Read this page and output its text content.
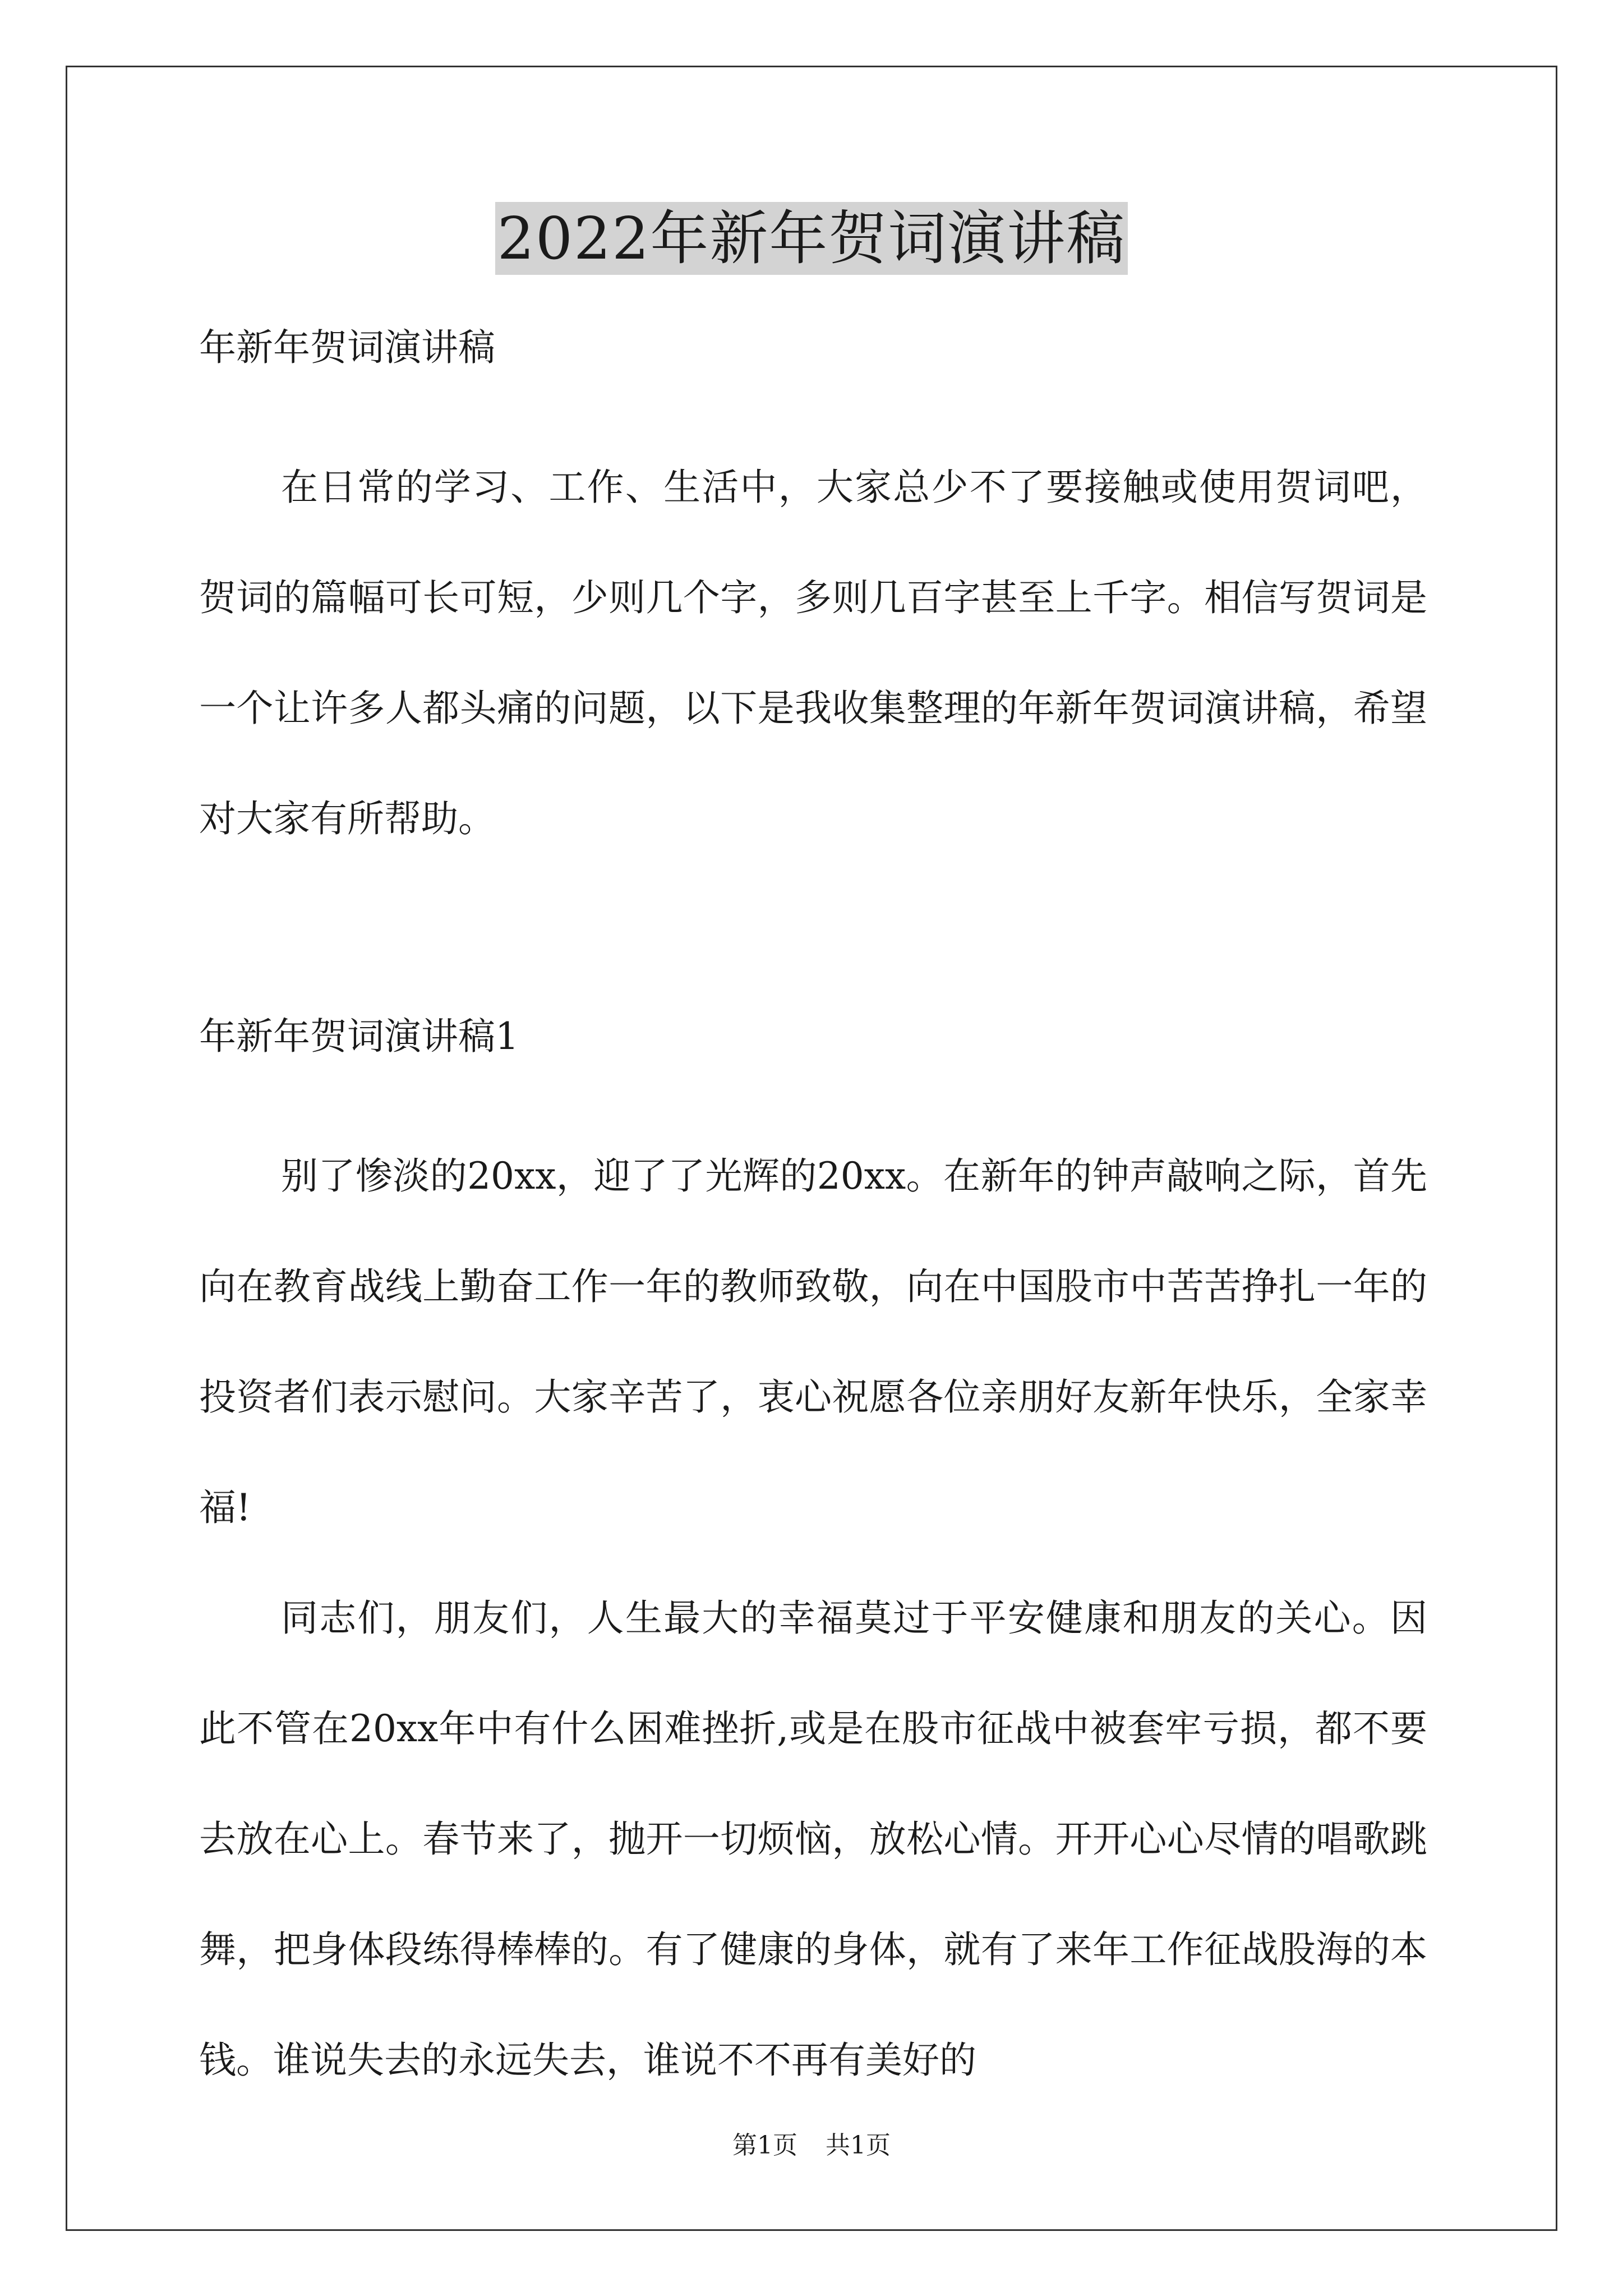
2022年新年贺词演讲稿

年新年贺词演讲稿

在日常的学习、工作、生活中，大家总少不了要接触或使用贺词吧，贺词的篇幅可长可短，少则几个字，多则几百字甚至上千字。相信写贺词是一个让许多人都头痛的问题，以下是我收集整理的年新年贺词演讲稿，希望对大家有所帮助。

年新年贺词演讲稿1

别了惨淡的20xx，迎了了光辉的20xx。在新年的钟声敲响之际，首先向在教育战线上勤奋工作一年的教师致敬，向在中国股市中苦苦挣扎一年的投资者们表示慰问。大家辛苦了，衷心祝愿各位亲朋好友新年快乐，全家幸福!

同志们，朋友们，人生最大的幸福莫过于平安健康和朋友的关心。因此不管在20xx年中有什么困难挫折,或是在股市征战中被套牢亏损，都不要去放在心上。春节来了，抛开一切烦恼，放松心情。开开心心尽情的唱歌跳舞，把身体段练得棒棒的。有了健康的身体，就有了来年工作征战股海的本钱。谁说失去的永远失去，谁说不不再有美好的

第1页 共1页
